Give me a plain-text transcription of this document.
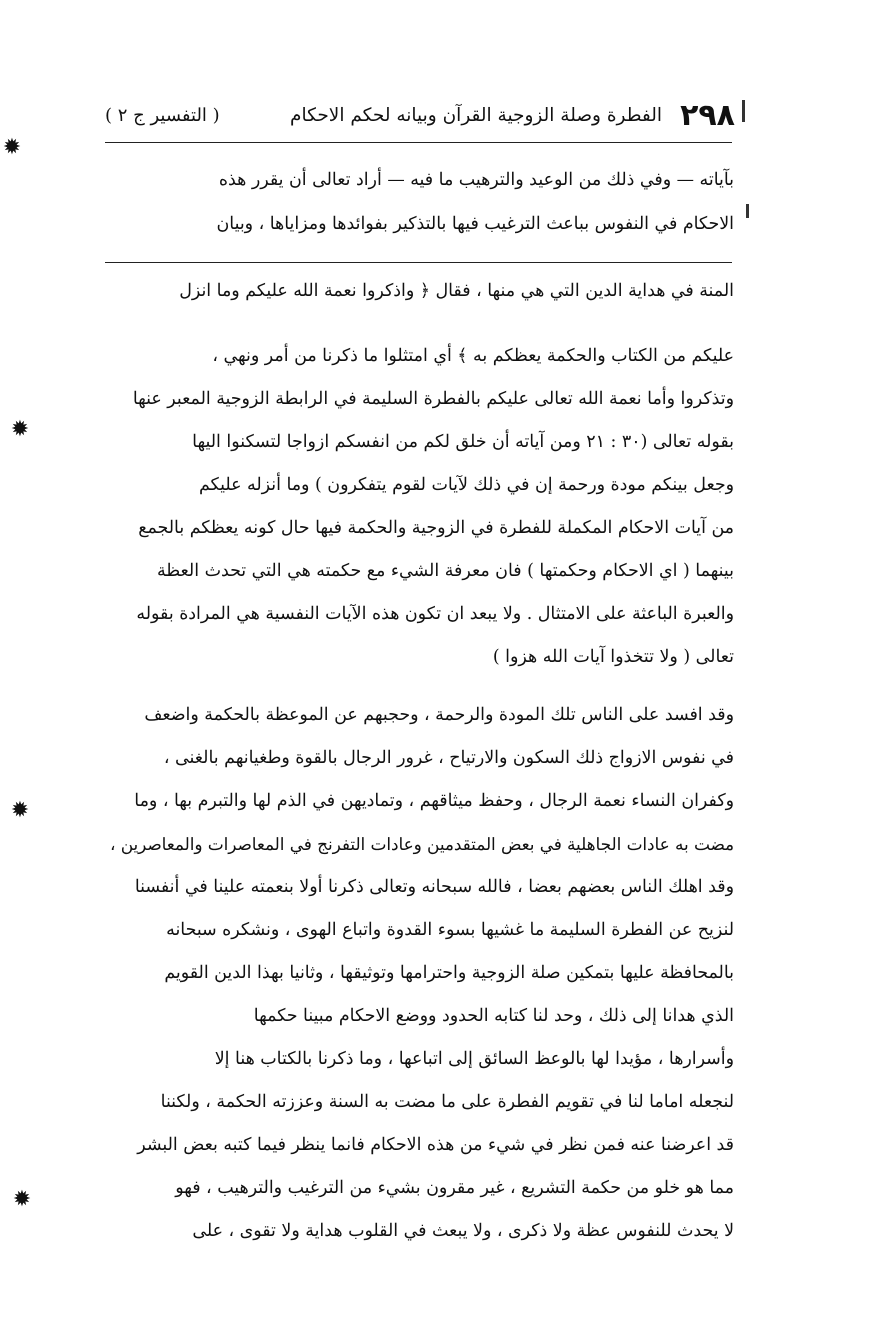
٢٩٨
الفطرة وصلة الزوجية القرآن وبيانه لحكم الاحكام
( التفسير ج ٢ )
بآياته — وفي ذلك من الوعيد والترهيب ما فيه — أراد تعالى أن يقرر هذه
الاحكام في النفوس بباعث الترغيب فيها بالتذكير بفوائدها ومزاياها ، وبيان
المنة في هداية الدين التي هي منها ، فقال ﴿ واذكروا نعمة الله عليكم وما انزل
عليكم من الكتاب والحكمة يعظكم به ﴾ أي امتثلوا ما ذكرنا من أمر ونهي ،
وتذكروا وأما نعمة الله تعالى عليكم بالفطرة السليمة في الرابطة الزوجية المعبر عنها
بقوله تعالى (٣٠ : ٢١ ومن آياته أن خلق لكم من انفسكم ازواجا لتسكنوا اليها
وجعل بينكم مودة ورحمة إن في ذلك لآيات لقوم يتفكرون ) وما أنزله عليكم
من آيات الاحكام المكملة للفطرة في الزوجية والحكمة فيها حال كونه يعظكم بالجمع
بينهما ( اي الاحكام وحكمتها ) فان معرفة الشيء مع حكمته هي التي تحدث العظة
والعبرة الباعثة على الامتثال . ولا يبعد ان تكون هذه الآيات النفسية هي المرادة بقوله
تعالى ( ولا تتخذوا آيات الله هزوا )
وقد افسد على الناس تلك المودة والرحمة ، وحجبهم عن الموعظة بالحكمة واضعف
في نفوس الازواج ذلك السكون والارتياح ، غرور الرجال بالقوة وطغيانهم بالغنى ،
وكفران النساء نعمة الرجال ، وحفظ ميثاقهم ، وتماديهن في الذم لها والتبرم بها ، وما
مضت به عادات الجاهلية في بعض المتقدمين وعادات التفرنج في المعاصرات والمعاصرين ،
وقد اهلك الناس بعضهم بعضا ، فالله سبحانه وتعالى ذكرنا أولا بنعمته علينا في أنفسنا
لنزيح عن الفطرة السليمة ما غشيها بسوء القدوة واتباع الهوى ، ونشكره سبحانه
بالمحافظة عليها بتمكين صلة الزوجية واحترامها وتوثيقها ، وثانيا بهذا الدين القويم
الذي هدانا إلى ذلك ، وحد لنا كتابه الحدود ووضع الاحكام مبينا حكمها
وأسرارها ، مؤيدا لها بالوعظ السائق إلى اتباعها ، وما ذكرنا بالكتاب هنا إلا
لنجعله اماما لنا في تقويم الفطرة على ما مضت به السنة وعززته الحكمة ، ولكننا
قد اعرضنا عنه فمن نظر في شيء من هذه الاحكام فانما ينظر فيما كتبه بعض البشر
مما هو خلو من حكمة التشريع ، غير مقرون بشيء من الترغيب والترهيب ، فهو
لا يحدث للنفوس عظة ولا ذكرى ، ولا يبعث في القلوب هداية ولا تقوى ، على
✹
✹
✹
✹
